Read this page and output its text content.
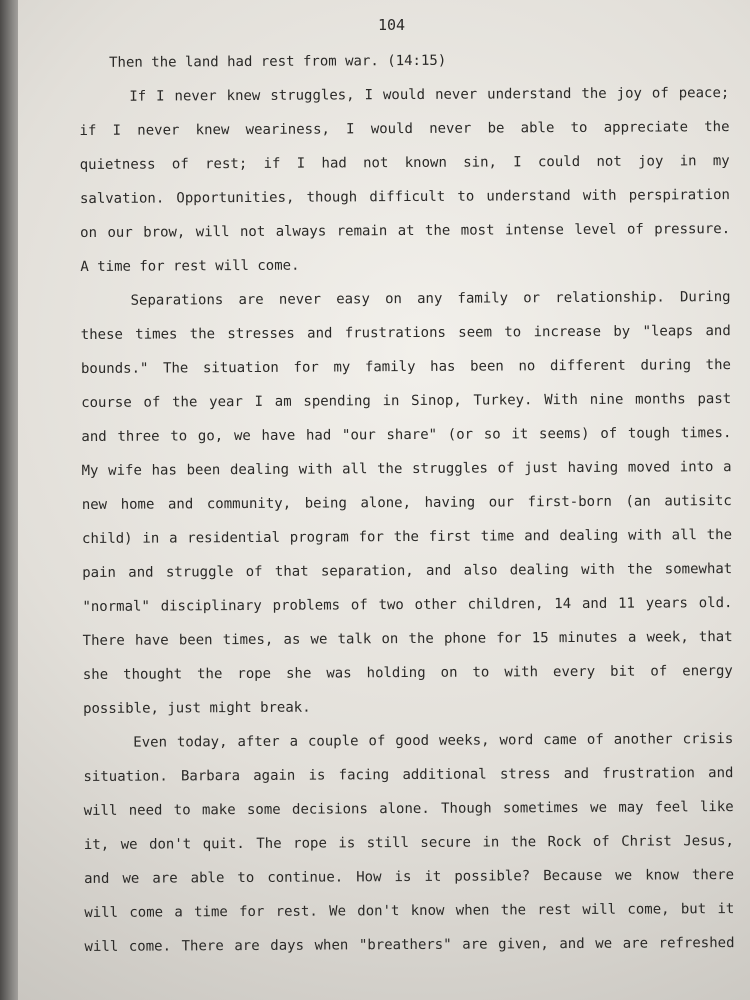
104
Then the land had rest from war. (14:15)
If I never knew struggles, I would never understand the joy of peace;
if I never knew weariness, I would never be able to appreciate the
quietness of rest; if I had not known sin, I could not joy in my
salvation. Opportunities, though difficult to understand with perspiration
on our brow, will not always remain at the most intense level of pressure.
A time for rest will come.
Separations are never easy on any family or relationship. During
these times the stresses and frustrations seem to increase by "leaps and
bounds." The situation for my family has been no different during the
course of the year I am spending in Sinop, Turkey. With nine months past
and three to go, we have had "our share" (or so it seems) of tough times.
My wife has been dealing with all the struggles of just having moved into a
new home and community, being alone, having our first-born (an autisitc
child) in a residential program for the first time and dealing with all the
pain and struggle of that separation, and also dealing with the somewhat
"normal" disciplinary problems of two other children, 14 and 11 years old.
There have been times, as we talk on the phone for 15 minutes a week, that
she thought the rope she was holding on to with every bit of energy
possible, just might break.
Even today, after a couple of good weeks, word came of another crisis
situation. Barbara again is facing additional stress and frustration and
will need to make some decisions alone. Though sometimes we may feel like
it, we don't quit. The rope is still secure in the Rock of Christ Jesus,
and we are able to continue. How is it possible? Because we know there
will come a time for rest. We don't know when the rest will come, but it
will come. There are days when "breathers" are given, and we are refreshed
